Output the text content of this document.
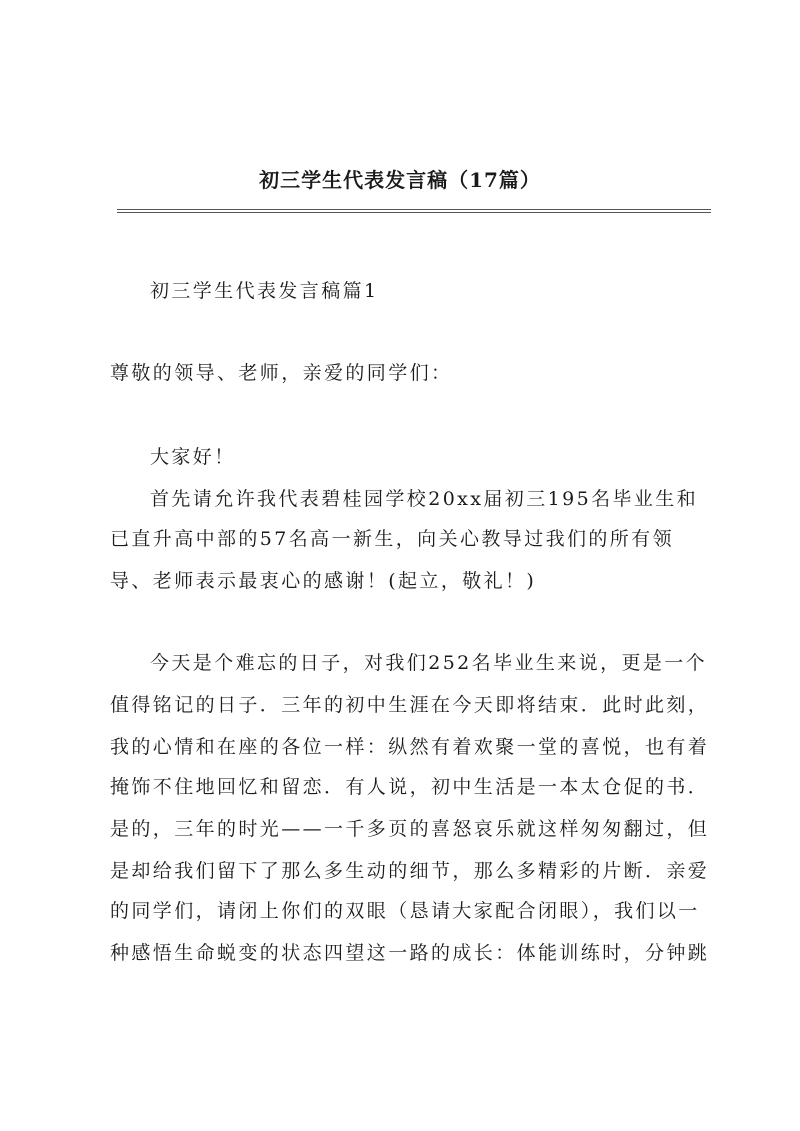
初三学生代表发言稿（17篇）
初三学生代表发言稿篇1
尊敬的领导、老师，亲爱的同学们：
大家好！
首先请允许我代表碧桂园学校20xx届初三195名毕业生和
已直升高中部的57名高一新生，向关心教导过我们的所有领
导、老师表示最衷心的感谢！(起立，敬礼！)
今天是个难忘的日子，对我们252名毕业生来说，更是一个
值得铭记的日子．三年的初中生涯在今天即将结束．此时此刻，
我的心情和在座的各位一样：纵然有着欢聚一堂的喜悦，也有着
掩饰不住地回忆和留恋．有人说，初中生活是一本太仓促的书．
是的，三年的时光——一千多页的喜怒哀乐就这样匆匆翻过，但
是却给我们留下了那么多生动的细节，那么多精彩的片断．亲爱
的同学们，请闭上你们的双眼（恳请大家配合闭眼），我们以一
种感悟生命蜕变的状态四望这一路的成长：体能训练时，分钟跳
